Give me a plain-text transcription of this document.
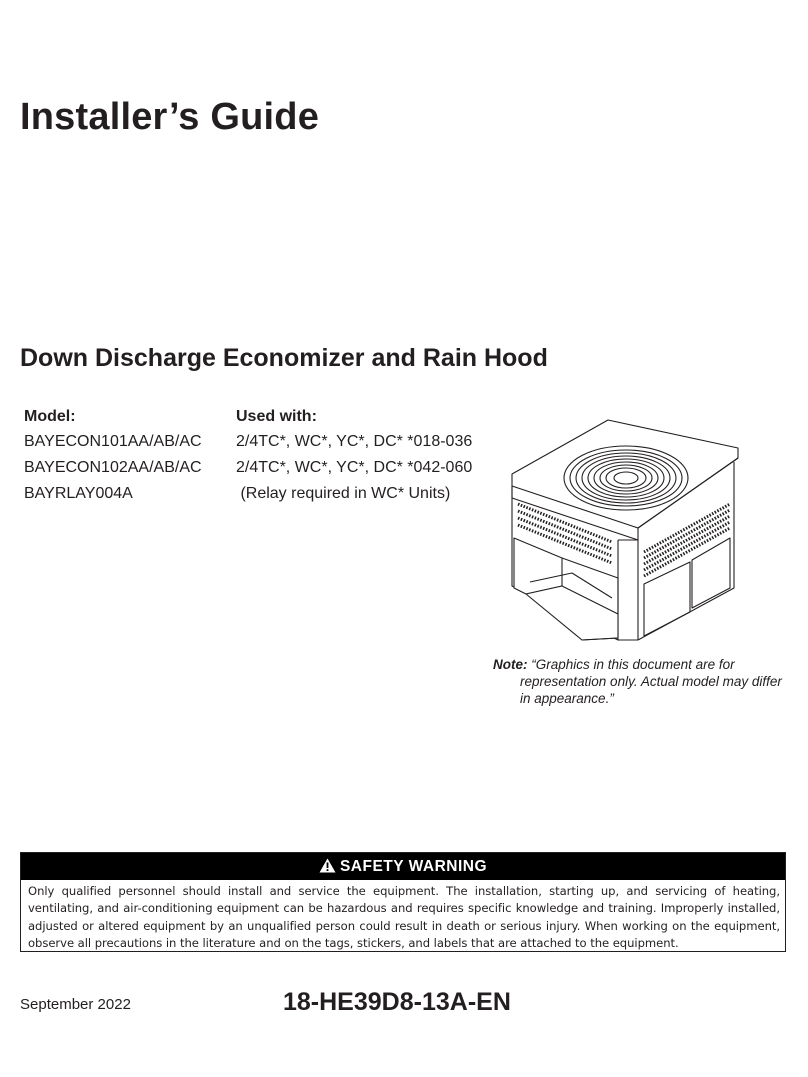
Installer’s Guide
Down Discharge Economizer and Rain Hood
Model:	Used with:
BAYECON101AA/AB/AC 2/4TC*, WC*, YC*, DC* *018-036
BAYECON102AA/AB/AC 2/4TC*, WC*, YC*, DC* *042-060
BAYRLAY004A	(Relay required in WC* Units)
Note: “Graphics in this document are for
representation only. Actual model may differ
in appearance.”
SAFETY WARNING
Only qualified personnel should install and service the equipment. The installation, starting up, and servicing of heating, ventilating, and air-conditioning equipment can be hazardous and requires specific knowledge and training. Improperly installed, adjusted or altered equipment by an unqualified person could result in death or serious injury. When working on the equipment, observe all precautions in the literature and on the tags, stickers, and labels that are attached to the equipment.
September 2022	18-HE39D8-13A-EN
